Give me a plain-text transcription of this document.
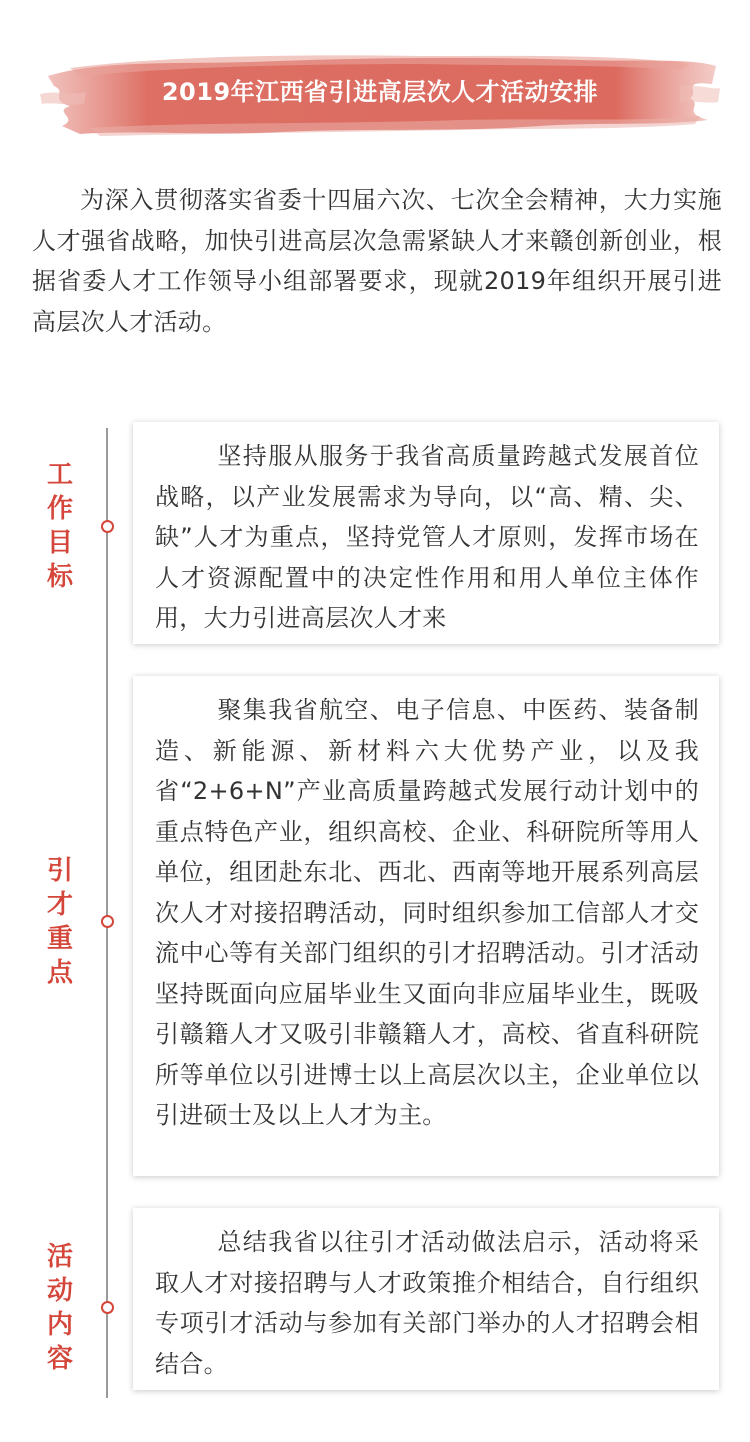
2019年江西省引进高层次人才活动安排
为深入贯彻落实省委十四届六次、七次全会精神，大力实施人才强省战略，加快引进高层次急需紧缺人才来赣创新创业，根据省委人才工作领导小组部署要求，现就2019年组织开展引进高层次人才活动。
工作目标
坚持服从服务于我省高质量跨越式发展首位战略，以产业发展需求为导向，以“高、精、尖、缺”人才为重点，坚持党管人才原则，发挥市场在人才资源配置中的决定性作用和用人单位主体作用，大力引进高层次人才来
引才重点
聚集我省航空、电子信息、中医药、装备制造、新能源、新材料六大优势产业，以及我省“2+6+N”产业高质量跨越式发展行动计划中的重点特色产业，组织高校、企业、科研院所等用人单位，组团赴东北、西北、西南等地开展系列高层次人才对接招聘活动，同时组织参加工信部人才交流中心等有关部门组织的引才招聘活动。引才活动坚持既面向应届毕业生又面向非应届毕业生，既吸引赣籍人才又吸引非赣籍人才，高校、省直科研院所等单位以引进博士以上高层次以主，企业单位以引进硕士及以上人才为主。
活动内容
总结我省以往引才活动做法启示，活动将采取人才对接招聘与人才政策推介相结合，自行组织专项引才活动与参加有关部门举办的人才招聘会相结合。
